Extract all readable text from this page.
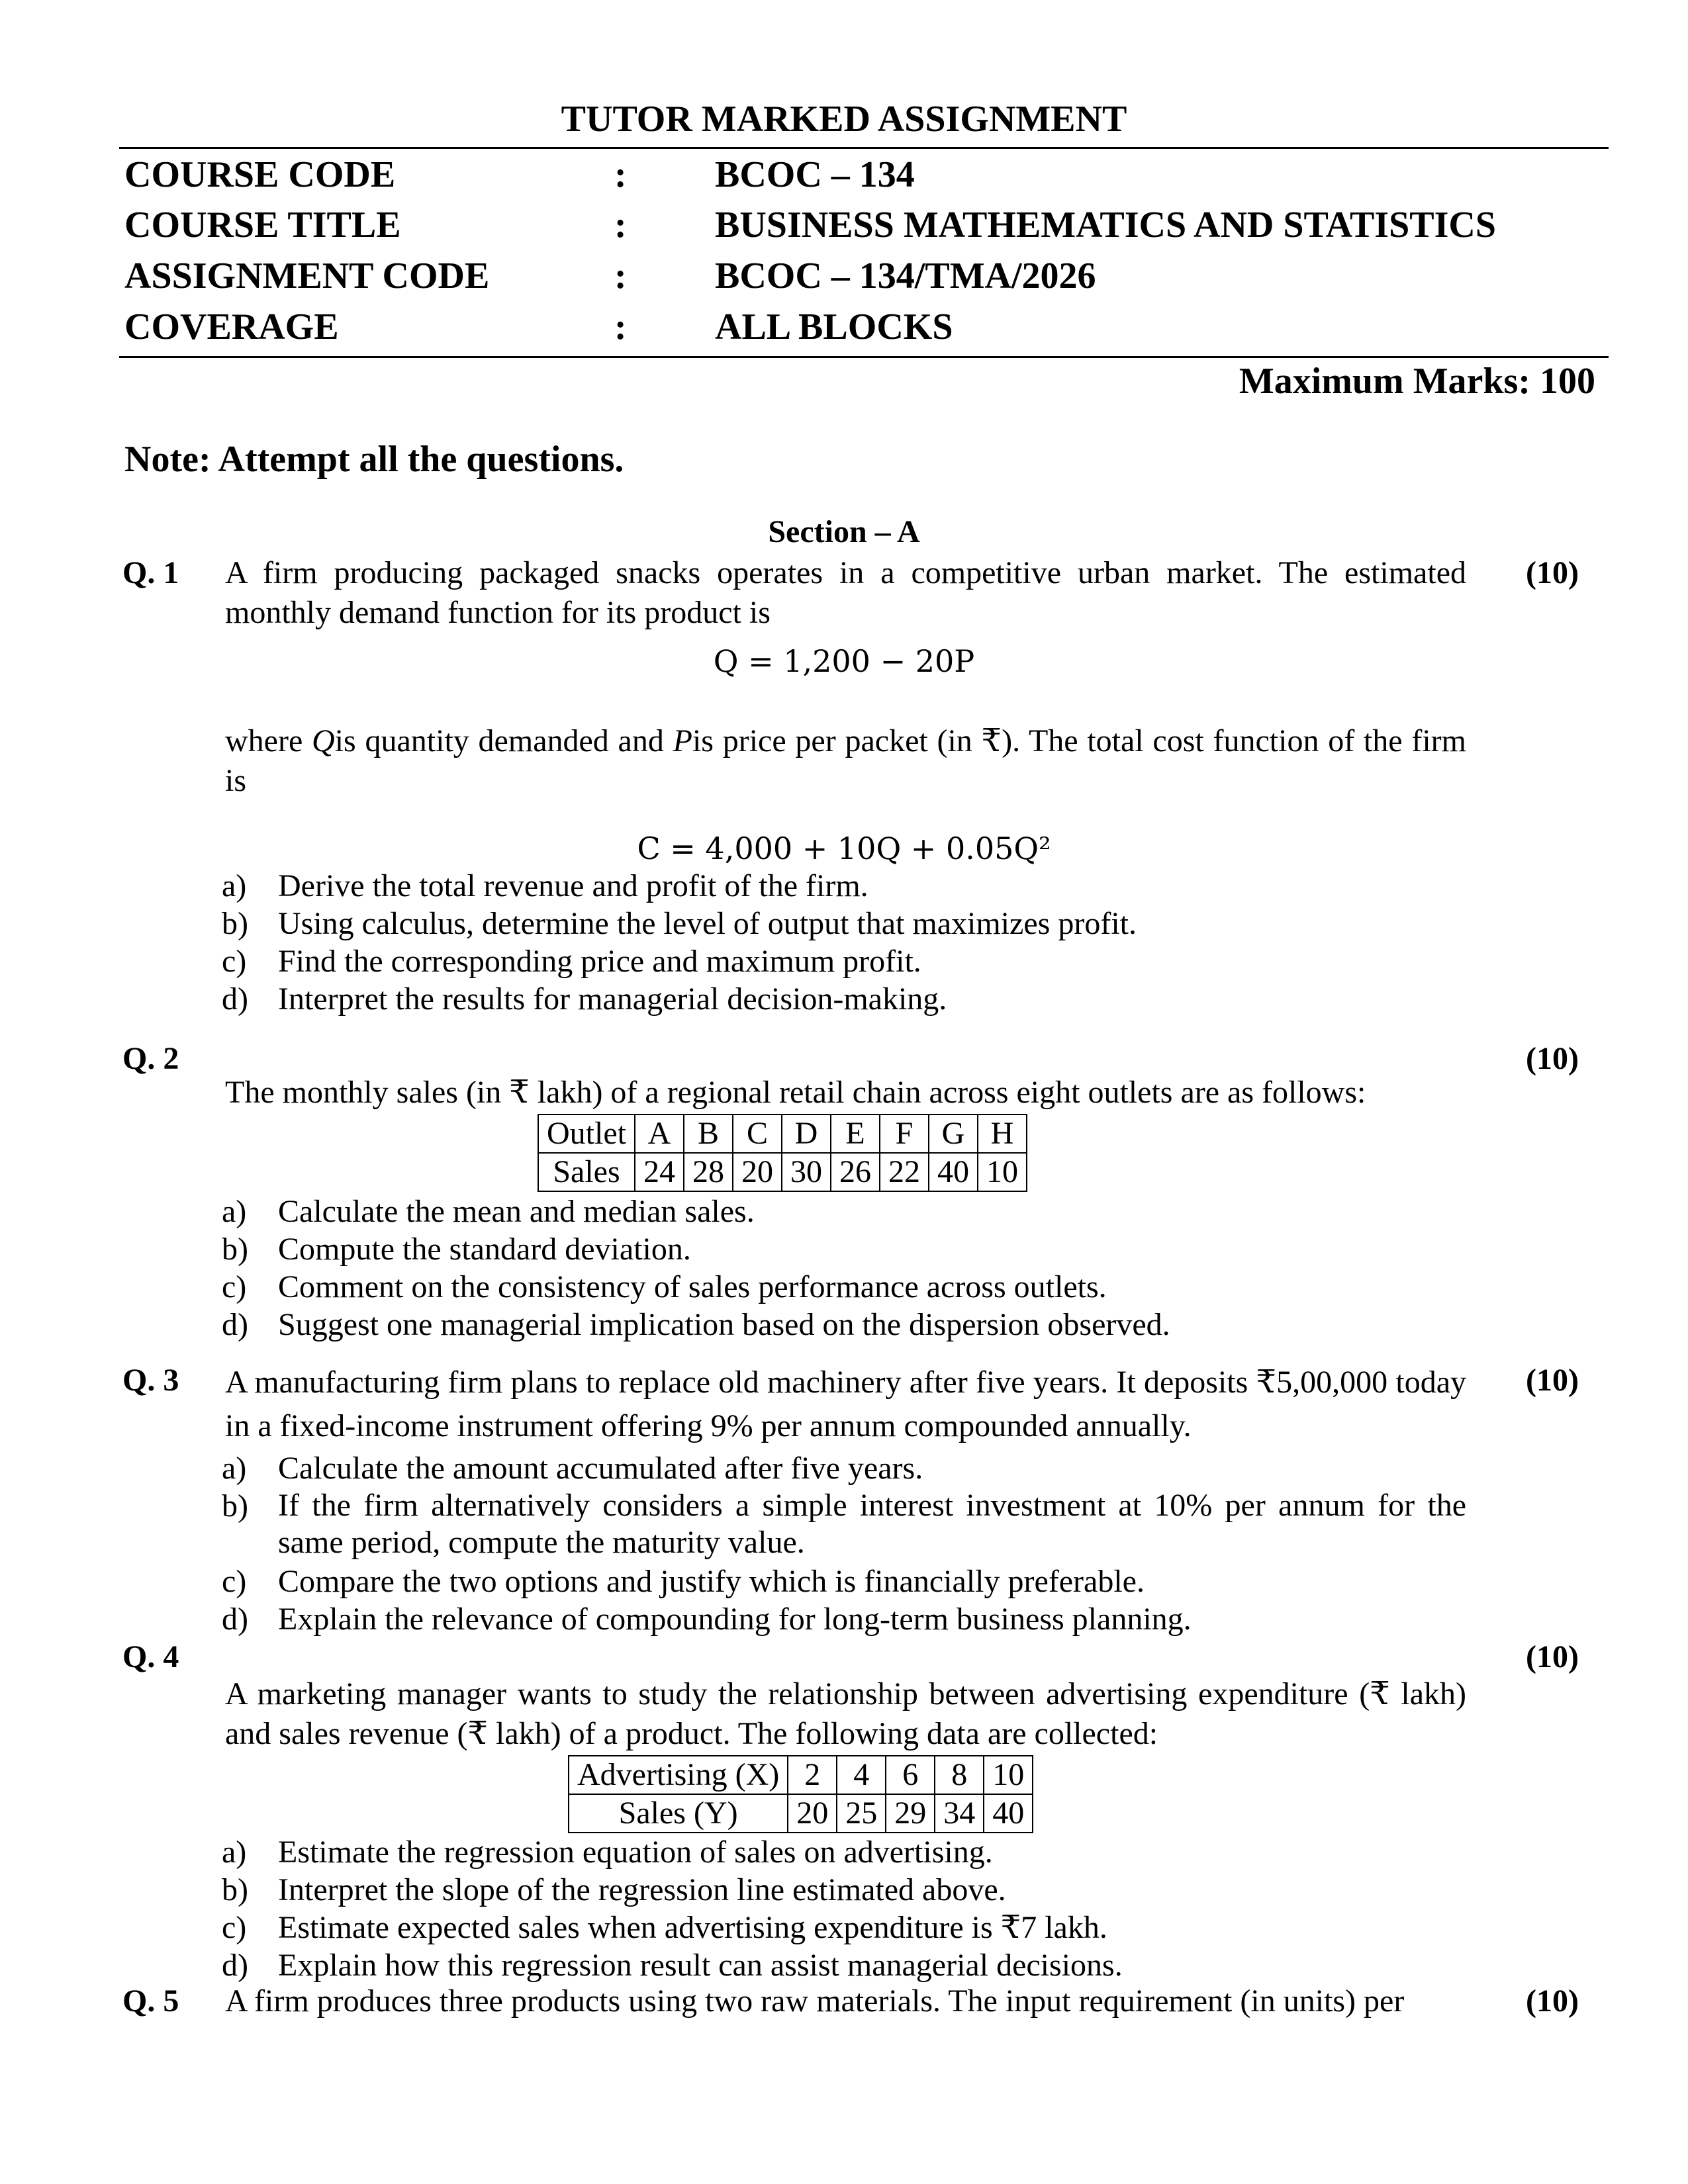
TUTOR MARKED ASSIGNMENT
COURSE CODE	: BCOC – 134
COURSE TITLE	: BUSINESS MATHEMATICS AND STATISTICS
ASSIGNMENT CODE	: BCOC – 134/TMA/2026
COVERAGE	: ALL BLOCKS
Maximum Marks: 100
Note: Attempt all the questions.
Section – A
Q. 1	(10)
A firm producing packaged snacks operates in a competitive urban market. The estimated monthly demand function for its product is
Q = 1,200 − 20P
where Qis quantity demanded and Pis price per packet (in ₹). The total cost function of the firm is
C = 4,000 + 10Q + 0.05Q²
a) Derive the total revenue and profit of the firm.
b) Using calculus, determine the level of output that maximizes profit.
c) Find the corresponding price and maximum profit.
d) Interpret the results for managerial decision-making.
Q. 2	(10)
The monthly sales (in ₹ lakh) of a regional retail chain across eight outlets are as follows:
Outlet	A	B	C	D	E	F	G	H
Sales	24	28	20	30	26	22	40	10
a) Calculate the mean and median sales.
b) Compute the standard deviation.
c) Comment on the consistency of sales performance across outlets.
d) Suggest one managerial implication based on the dispersion observed.
Q. 3	(10)
A manufacturing firm plans to replace old machinery after five years. It deposits ₹5,00,000 today in a fixed-income instrument offering 9% per annum compounded annually.
a) Calculate the amount accumulated after five years.
b) If the firm alternatively considers a simple interest investment at 10% per annum for the same period, compute the maturity value.
c) Compare the two options and justify which is financially preferable.
d) Explain the relevance of compounding for long-term business planning.
Q. 4	(10)
A marketing manager wants to study the relationship between advertising expenditure (₹ lakh) and sales revenue (₹ lakh) of a product. The following data are collected:
Advertising (X)	2	4	6	8	10
Sales (Y)	20	25	29	34	40
a) Estimate the regression equation of sales on advertising.
b) Interpret the slope of the regression line estimated above.
c) Estimate expected sales when advertising expenditure is ₹7 lakh.
d) Explain how this regression result can assist managerial decisions.
Q. 5	(10)
A firm produces three products using two raw materials. The input requirement (in units) per
